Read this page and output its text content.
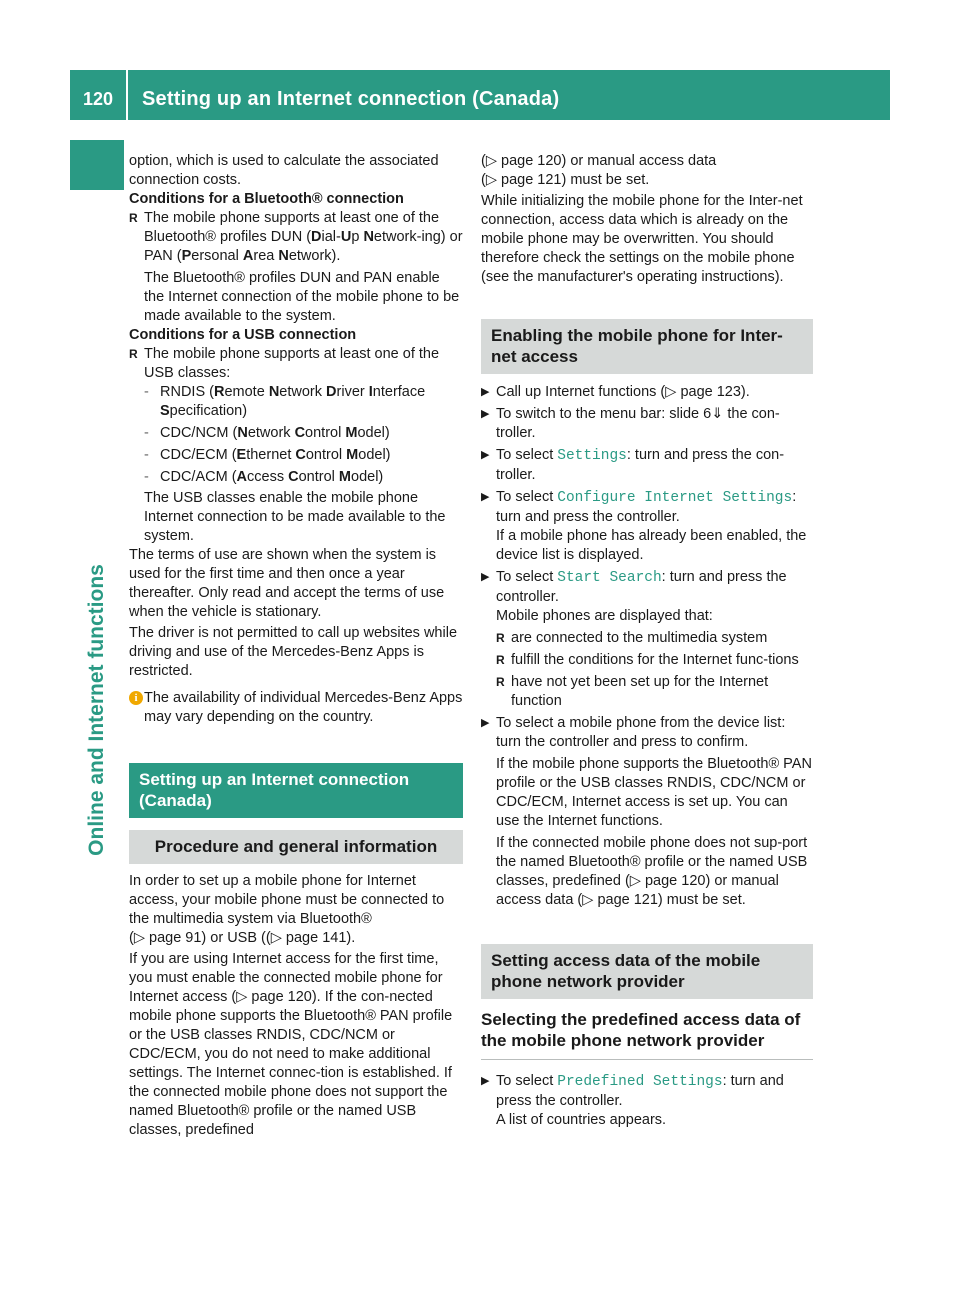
120	Setting up an Internet connection (Canada)
Online and Internet functions

option, which is used to calculate the associated connection costs.

Conditions for a Bluetooth® connection

R The mobile phone supports at least one of the Bluetooth® profiles DUN (Dial-Up Network-ing) or PAN (Personal Area Network).

The Bluetooth® profiles DUN and PAN enable the Internet connection of the mobile phone to be made available to the system.

Conditions for a USB connection

R The mobile phone supports at least one of the USB classes:

- RNDIS (Remote Network Driver Interface Specification)

- CDC/NCM (Network Control Model)

- CDC/ECM (Ethernet Control Model)

- CDC/ACM (Access Control Model)

The USB classes enable the mobile phone Internet connection to be made available to the system.

The terms of use are shown when the system is used for the first time and then once a year thereafter. Only read and accept the terms of use when the vehicle is stationary.

The driver is not permitted to call up websites while driving and use of the Mercedes-Benz Apps is restricted.

i The availability of individual Mercedes-Benz Apps may vary depending on the country.

Setting up an Internet connection (Canada)
Procedure and general information

In order to set up a mobile phone for Internet access, your mobile phone must be connected to the multimedia system via Bluetooth®
(▷ page 91) or USB ((▷ page 141).

If you are using Internet access for the first time, you must enable the connected mobile phone for Internet access (▷ page 120). If the con-nected mobile phone supports the Bluetooth® PAN profile or the USB classes RNDIS, CDC/NCM or CDC/ECM, you do not need to make additional settings. The Internet connec-tion is established. If the connected mobile phone does not support the named Bluetooth® profile or the named USB classes, predefined

(▷ page 120) or manual access data
(▷ page 121) must be set.

While initializing the mobile phone for the Inter-net connection, access data which is already on the mobile phone may be overwritten. You should therefore check the settings on the mobile phone (see the manufacturer's operating instructions).

Enabling the mobile phone for Inter-net access

▶ Call up Internet functions (▷ page 123).

▶ To switch to the menu bar: slide 6⇓ the con-troller.

▶ To select Settings: turn and press the con-troller.

▶ To select Configure Internet Settings: turn and press the controller.
If a mobile phone has already been enabled, the device list is displayed.

▶ To select Start Search: turn and press the controller.
Mobile phones are displayed that:

R are connected to the multimedia system

R fulfill the conditions for the Internet func-tions

R have not yet been set up for the Internet function

▶ To select a mobile phone from the device list: turn the controller and press to confirm.

If the mobile phone supports the Bluetooth® PAN profile or the USB classes RNDIS, CDC/NCM or CDC/ECM, Internet access is set up. You can use the Internet functions.

If the connected mobile phone does not sup-port the named Bluetooth® profile or the named USB classes, predefined (▷ page 120) or manual access data (▷ page 121) must be set.

Setting access data of the mobile phone network provider

Selecting the predefined access data of the mobile phone network provider

▶ To select Predefined Settings: turn and press the controller.
A list of countries appears.
